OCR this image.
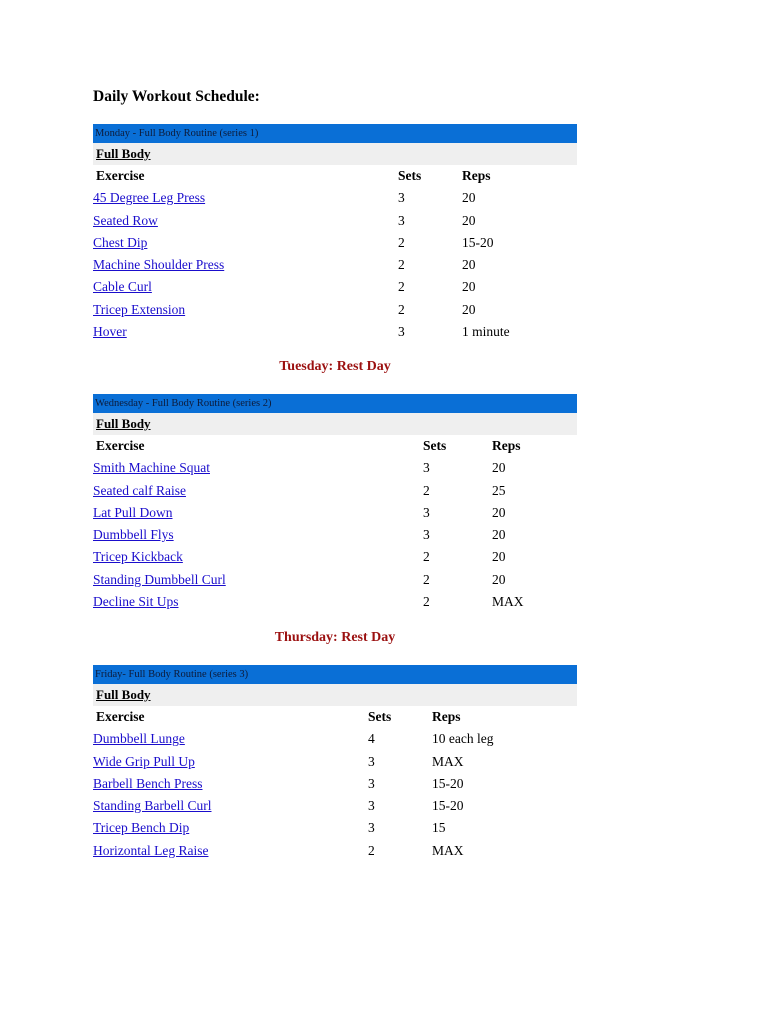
Daily Workout Schedule:
Monday - Full Body Routine (series 1)
Full Body
Exercise	Sets	Reps
45 Degree Leg Press	3	20
Seated Row	3	20
Chest Dip	2	15-20
Machine Shoulder Press	2	20
Cable Curl	2	20
Tricep Extension	2	20
Hover	3	1 minute
Tuesday: Rest Day
Wednesday - Full Body Routine (series 2)
Full Body
Exercise	Sets	Reps
Smith Machine Squat	3	20
Seated calf Raise	2	25
Lat Pull Down	3	20
Dumbbell Flys	3	20
Tricep Kickback	2	20
Standing Dumbbell Curl	2	20
Decline Sit Ups	2	MAX
Thursday: Rest Day
Friday- Full Body Routine (series 3)
Full Body
Exercise	Sets	Reps
Dumbbell Lunge	4	10 each leg
Wide Grip Pull Up	3	MAX
Barbell Bench Press	3	15-20
Standing Barbell Curl	3	15-20
Tricep Bench Dip	3	15
Horizontal Leg Raise	2	MAX
